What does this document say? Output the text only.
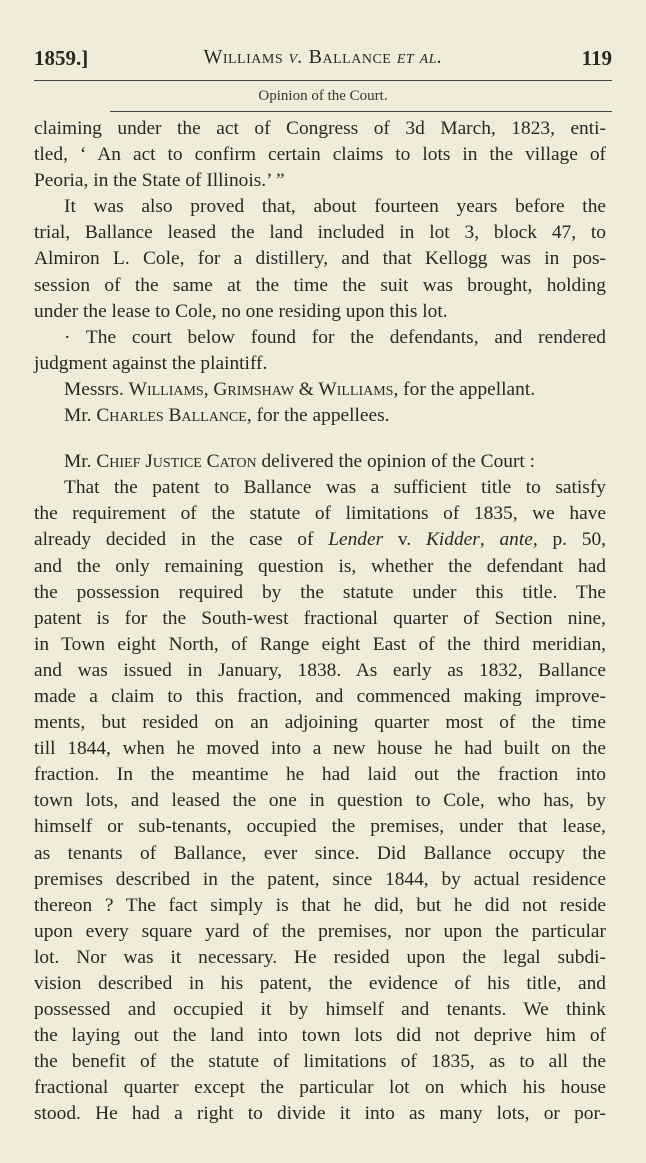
1859.]	Williams v. Ballance et al.	119
Opinion of the Court.
claiming under the act of Congress of 3d March, 1823, enti-
tled, ‘ An act to confirm certain claims to lots in the village of
Peoria, in the State of Illinois.’ ”
It was also proved that, about fourteen years before the
trial, Ballance leased the land included in lot 3, block 47, to
Almiron L. Cole, for a distillery, and that Kellogg was in pos-
session of the same at the time the suit was brought, holding
under the lease to Cole, no one residing upon this lot.
· The court below found for the defendants, and rendered
judgment against the plaintiff.
Messrs. Williams, Grimshaw & Williams, for the appellant.
Mr. Charles Ballance, for the appellees.
Mr. Chief Justice Caton delivered the opinion of the Court :
That the patent to Ballance was a sufficient title to satisfy
the requirement of the statute of limitations of 1835, we have
already decided in the case of Lender v. Kidder, ante, p. 50,
and the only remaining question is, whether the defendant had
the possession required by the statute under this title. The
patent is for the South-west fractional quarter of Section nine,
in Town eight North, of Range eight East of the third meridian,
and was issued in January, 1838. As early as 1832, Ballance
made a claim to this fraction, and commenced making improve-
ments, but resided on an adjoining quarter most of the time
till 1844, when he moved into a new house he had built on the
fraction. In the meantime he had laid out the fraction into
town lots, and leased the one in question to Cole, who has, by
himself or sub-tenants, occupied the premises, under that lease,
as tenants of Ballance, ever since. Did Ballance occupy the
premises described in the patent, since 1844, by actual residence
thereon ? The fact simply is that he did, but he did not reside
upon every square yard of the premises, nor upon the particular
lot. Nor was it necessary. He resided upon the legal subdi-
vision described in his patent, the evidence of his title, and
possessed and occupied it by himself and tenants. We think
the laying out the land into town lots did not deprive him of
the benefit of the statute of limitations of 1835, as to all the
fractional quarter except the particular lot on which his house
stood. He had a right to divide it into as many lots, or por-
